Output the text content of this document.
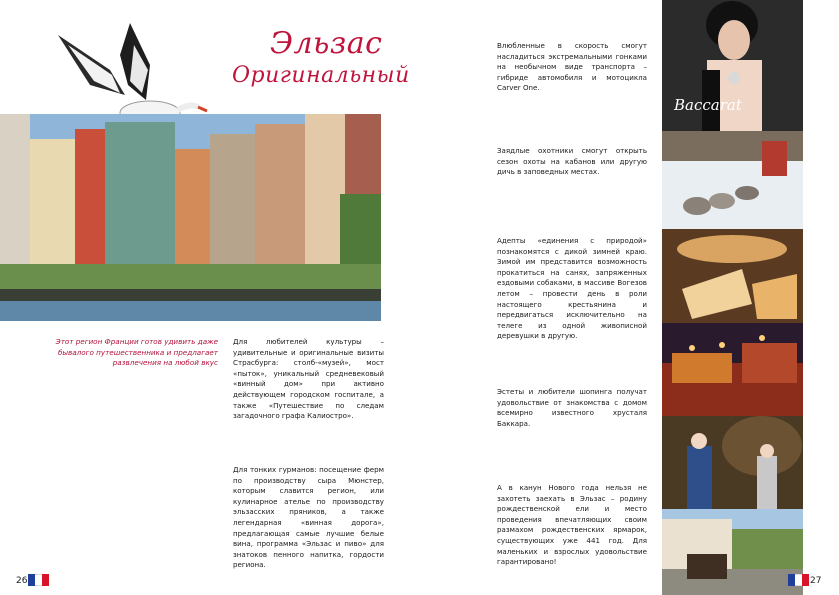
Эльзас
Оригинальный
Этот регион Франции готов удивить даже бывалого путешественника и предлагает развлечения на любой вкус

Для любителей культуры – удивительные и оригинальные визиты Страсбурга: столб-«музей», мост «пыток», уникальный средневековый «винный дом» при активно действующем городском госпитале, а также «Путешествие по следам загадочного графа Калиостро».

Для тонких гурманов: посещение ферм по производству сыра Мюнстер, которым славится регион, или кулинарное ателье по производству эльзасских пряников, а также легендарная «винная дорога», предлагающая самые лучшие белые вина, программа «Эльзас и пиво» для знатоков пенного напитка, гордости региона.

Влюбленные в скорость смогут насладиться экстремальными гонками на необычном виде транспорта – гибриде автомобиля и мотоцикла Carver One.

Заядлые охотники смогут открыть сезон охоты на кабанов или другую дичь в заповедных местах.

Адепты «единения с природой» познакомятся с дикой зимней краю. Зимой им представится возможность прокатиться на санях, запряженных ездовыми собаками, в массиве Вогезов летом – провести день в роли настоящего крестьянина и передвигаться исключительно на телеге из одной живописной деревушки в другую.

Эстеты и любители шопинга получат удовольствие от знакомства с домом всемирно известного хрусталя Баккара.

А в канун Нового года нельзя не захотеть заехать в Эльзас – родину рождественской ели и место проведения впечатляющих своим размахом рождественских ярмарок, существующих уже 441 год. Для маленьких и взрослых удовольствие гарантировано!

Baccarat
26	27
